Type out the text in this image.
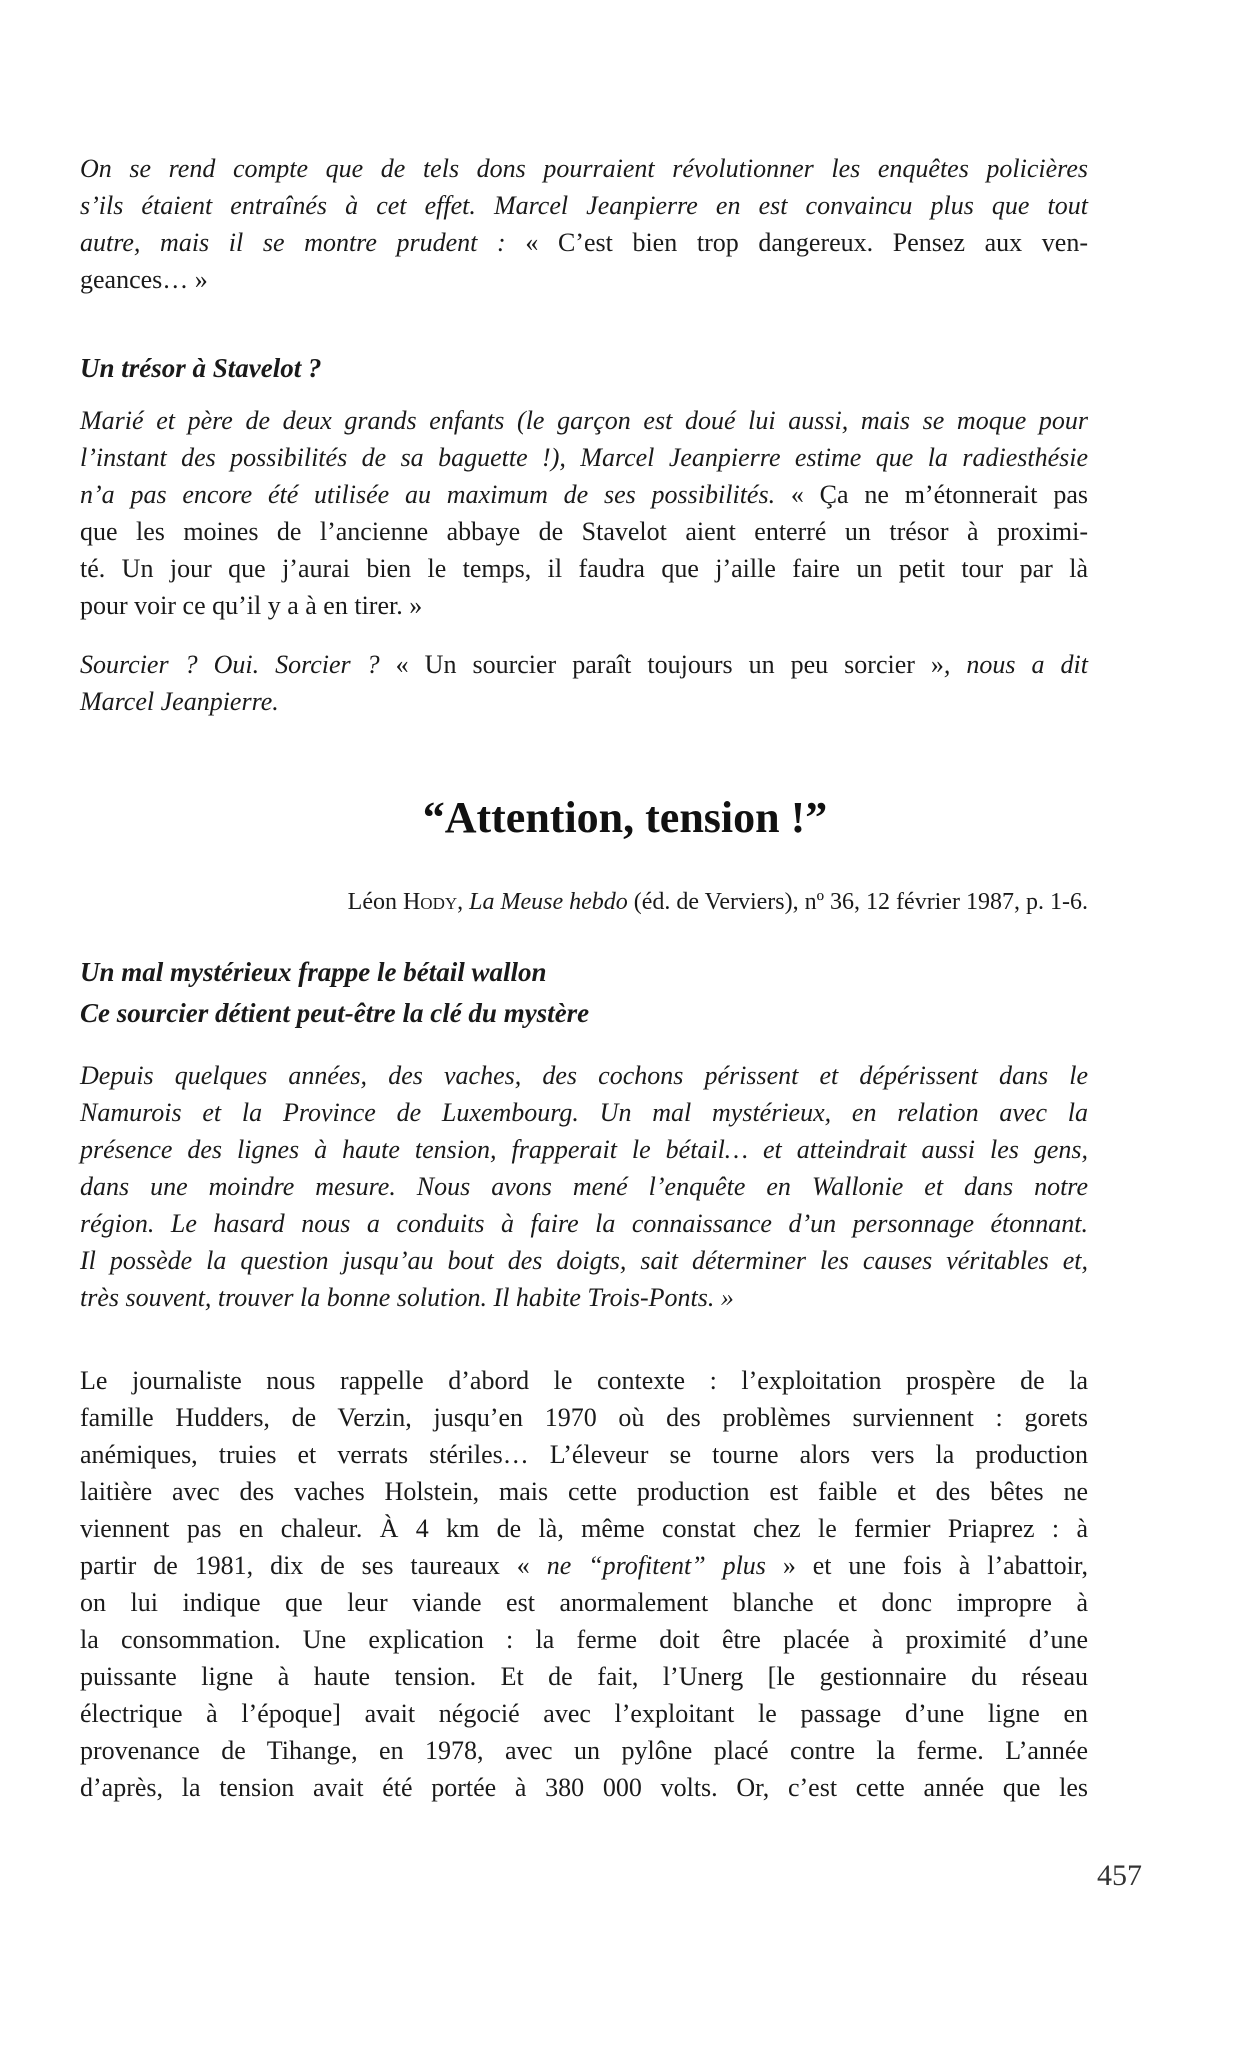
On se rend compte que de tels dons pourraient révolutionner les enquêtes policières
s’ils étaient entraînés à cet effet. Marcel Jeanpierre en est convaincu plus que tout
autre, mais il se montre prudent : « C’est bien trop dangereux. Pensez aux ven-
geances… »
Un trésor à Stavelot ?
Marié et père de deux grands enfants (le garçon est doué lui aussi, mais se moque pour
l’instant des possibilités de sa baguette !), Marcel Jeanpierre estime que la radiesthésie
n’a pas encore été utilisée au maximum de ses possibilités. « Ça ne m’étonnerait pas
que les moines de l’ancienne abbaye de Stavelot aient enterré un trésor à proximi-
té. Un jour que j’aurai bien le temps, il faudra que j’aille faire un petit tour par là
pour voir ce qu’il y a à en tirer. »
Sourcier ? Oui. Sorcier ? « Un sourcier paraît toujours un peu sorcier », nous a dit
Marcel Jeanpierre.
“Attention, tension !”
Léon Hody, La Meuse hebdo (éd. de Verviers), nº 36, 12 février 1987, p. 1-6.
Un mal mystérieux frappe le bétail wallon
Ce sourcier détient peut-être la clé du mystère
Depuis quelques années, des vaches, des cochons périssent et dépérissent dans le
Namurois et la Province de Luxembourg. Un mal mystérieux, en relation avec la
présence des lignes à haute tension, frapperait le bétail… et atteindrait aussi les gens,
dans une moindre mesure. Nous avons mené l’enquête en Wallonie et dans notre
région. Le hasard nous a conduits à faire la connaissance d’un personnage étonnant.
Il possède la question jusqu’au bout des doigts, sait déterminer les causes véritables et,
très souvent, trouver la bonne solution. Il habite Trois-Ponts. »
Le journaliste nous rappelle d’abord le contexte : l’exploitation prospère de la
famille Hudders, de Verzin, jusqu’en 1970 où des problèmes surviennent : gorets
anémiques, truies et verrats stériles… L’éleveur se tourne alors vers la production
laitière avec des vaches Holstein, mais cette production est faible et des bêtes ne
viennent pas en chaleur. À 4 km de là, même constat chez le fermier Priaprez : à
partir de 1981, dix de ses taureaux « ne “profitent” plus » et une fois à l’abattoir,
on lui indique que leur viande est anormalement blanche et donc impropre à
la consommation. Une explication : la ferme doit être placée à proximité d’une
puissante ligne à haute tension. Et de fait, l’Unerg [le gestionnaire du réseau
électrique à l’époque] avait négocié avec l’exploitant le passage d’une ligne en
provenance de Tihange, en 1978, avec un pylône placé contre la ferme. L’année
d’après, la tension avait été portée à 380 000 volts. Or, c’est cette année que les
457
